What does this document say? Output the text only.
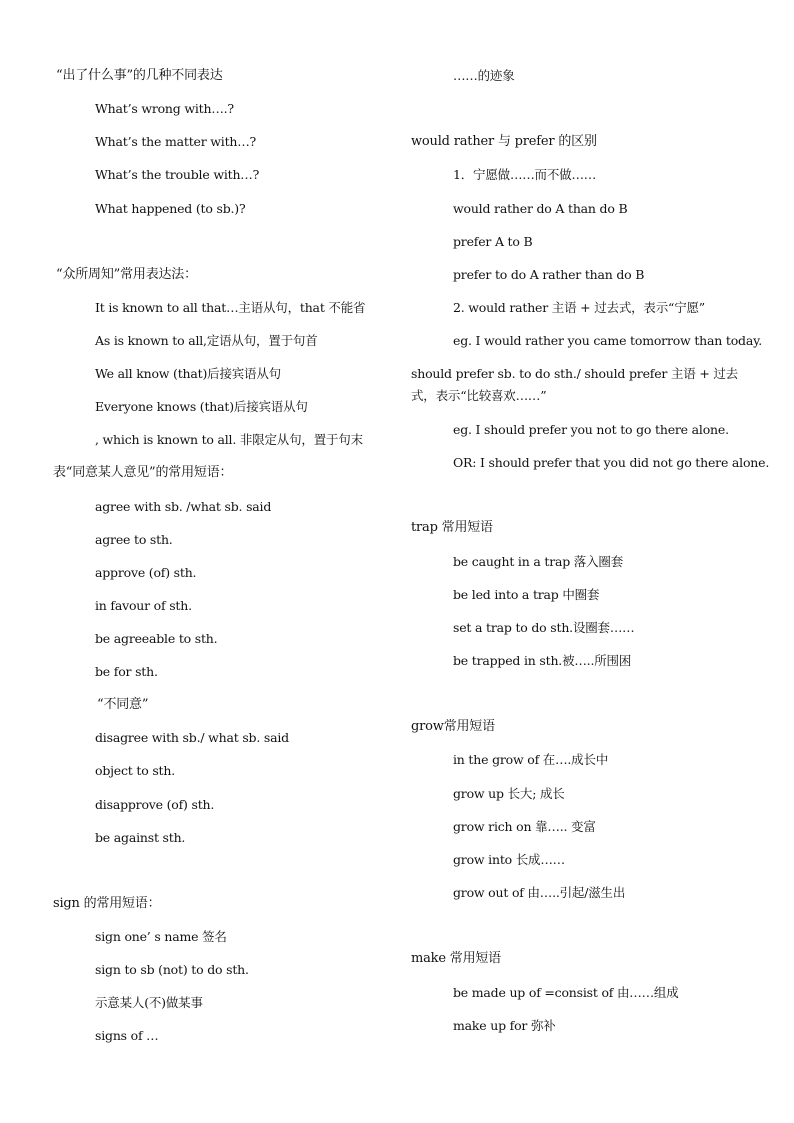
“出了什么事”的几种不同表达
What’s wrong with….?
What’s the matter with…?
What’s the trouble with…?
What happened (to sb.)?
“众所周知”常用表达法：
It is known to all that…主语从句，that 不能省
As is known to all,定语从句，置于句首
We all know (that)后接宾语从句
Everyone knows (that)后接宾语从句
, which is known to all. 非限定从句，置于句末
表“同意某人意见”的常用短语：
agree with sb. /what sb. said
agree to sth.
approve (of) sth.
in favour of sth.
be agreeable to sth.
be for sth.
“不同意”
disagree with sb./ what sb. said
object to sth.
disapprove (of) sth.
be against sth.
sign 的常用短语：
sign one’ s name 签名
sign to sb (not) to do sth.
示意某人(不)做某事
signs of …
……的迹象
would rather 与 prefer 的区别
1．宁愿做……而不做……
would rather do A than do B
prefer A to B
prefer to do A rather than do B
2. would rather 主语 + 过去式，表示“宁愿”
eg. I would rather you came tomorrow than today.
should prefer sb. to do sth./ should prefer 主语 + 过去式，表示“比较喜欢……”
eg. I should prefer you not to go there alone.
OR: I should prefer that you did not go there alone.
trap 常用短语
be caught in a trap 落入圈套
be led into a trap 中圈套
set a trap to do sth.设圈套……
be trapped in sth.被…..所围困
grow常用短语
in the grow of 在….成长中
grow up 长大; 成长
grow rich on 靠….. 变富
grow into 长成……
grow out of 由…..引起/滋生出
make 常用短语
be made up of =consist of 由……组成
make up for 弥补
